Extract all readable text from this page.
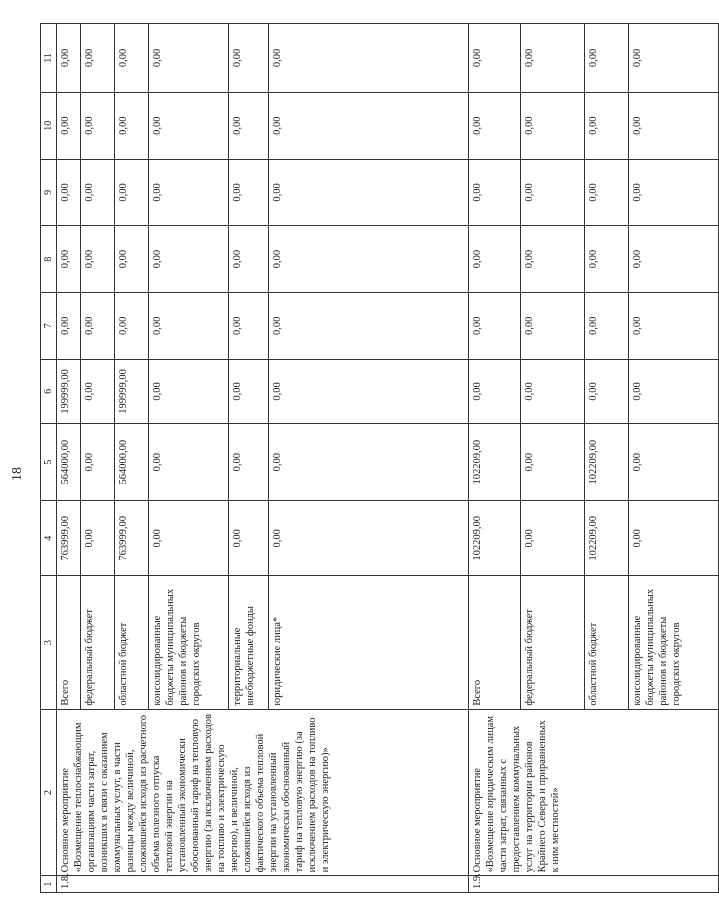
18
1	2	3	4	5	6	7	8	9	10	11
1.8.	Основное мероприятие «Возмещение теплоснабжающим организациям части затрат, возникших в связи с оказанием коммунальных услуг, в части разницы между величиной, сложившейся исходя из расчетного объема полезного отпуска тепловой энергии на установленный экономически обоснованный тариф на тепловую энергию (за исключением расходов на топливо и электрическую энергию), и величиной, сложившейся исходя из фактического объема тепловой энергии на установленный экономически обоснованный тариф на тепловую энергию (за исключением расходов на топливо и электрическую энергию)»	Всего	763999,00	564000,00	199999,00	0,00	0,00	0,00	0,00	0,00
		федеральный бюджет	0,00	0,00	0,00	0,00	0,00	0,00	0,00	0,00
		областной бюджет	763999,00	564000,00	199999,00	0,00	0,00	0,00	0,00	0,00
		консолидированные бюджеты муниципальных районов и бюджеты городских округов	0,00	0,00	0,00	0,00	0,00	0,00	0,00	0,00
		территориальные внебюджетные фонды	0,00	0,00	0,00	0,00	0,00	0,00	0,00	0,00
		юридические лица*	0,00	0,00	0,00	0,00	0,00	0,00	0,00	0,00
1.9.	Основное мероприятие «Возмещение юридическим лицам части затрат, связанных с предоставлением коммунальных услуг на территории районов Крайнего Севера и приравненных к ним местностей»	Всего	102209,00	102209,00	0,00	0,00	0,00	0,00	0,00	0,00
		федеральный бюджет	0,00	0,00	0,00	0,00	0,00	0,00	0,00	0,00
		областной бюджет	102209,00	102209,00	0,00	0,00	0,00	0,00	0,00	0,00
		консолидированные бюджеты муниципальных районов и бюджеты городских округов	0,00	0,00	0,00	0,00	0,00	0,00	0,00	0,00
